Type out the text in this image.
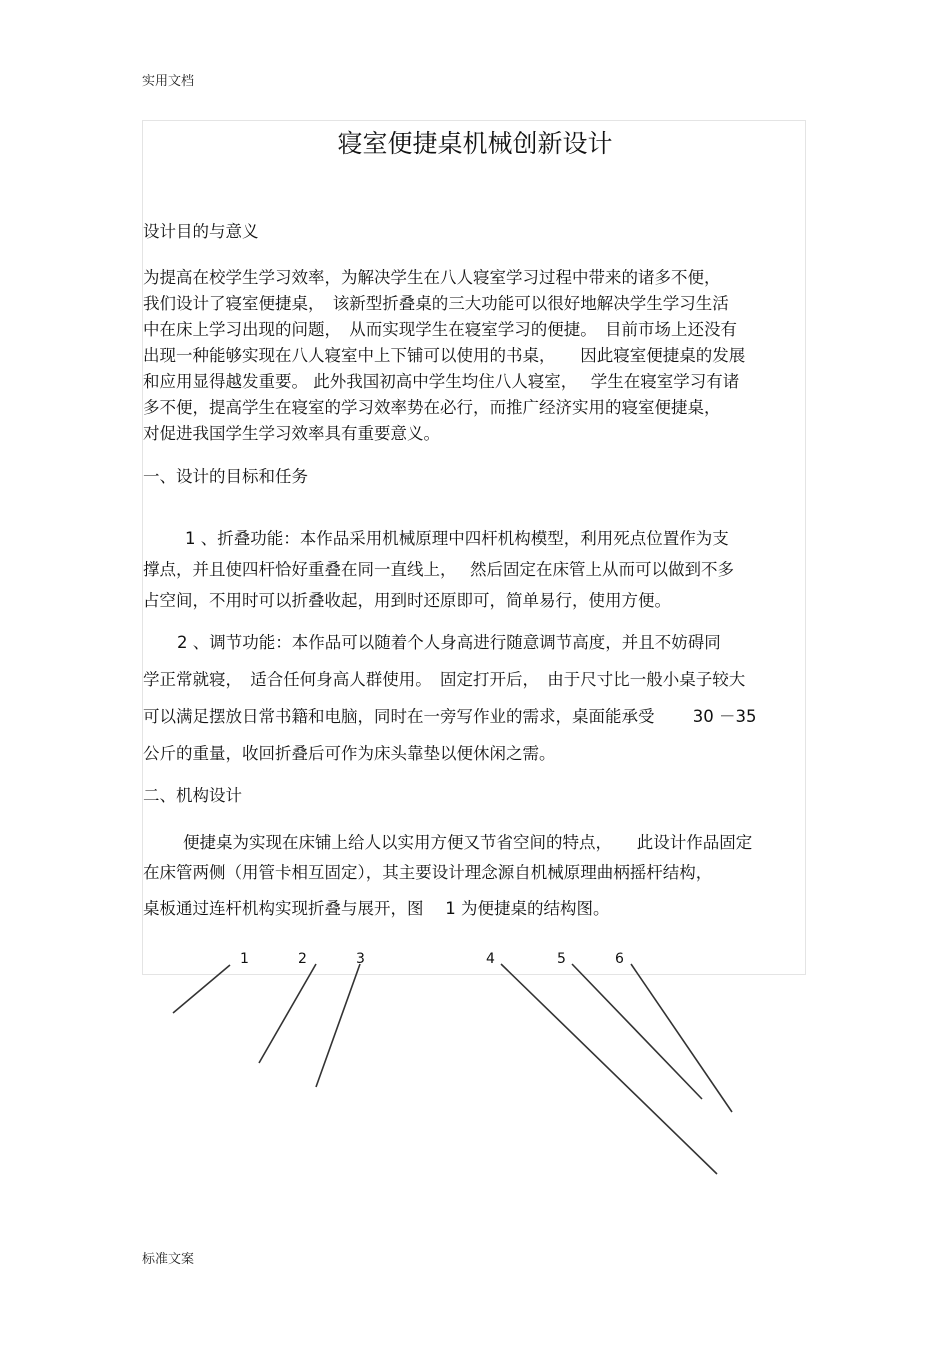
实用文档
寝室便捷桌机械创新设计
设计目的与意义
为提高在校学生学习效率，为解决学生在八人寝室学习过程中带来的诸多不便，
我们设计了寝室便捷桌，　该新型折叠桌的三大功能可以很好地解决学生学习生活
中在床上学习出现的问题，　从而实现学生在寝室学习的便捷。　目前市场上还没有
出现一种能够实现在八人寝室中上下铺可以使用的书桌，　　因此寝室便捷桌的发展
和应用显得越发重要。 此外我国初高中学生均住八人寝室，　 学生在寝室学习有诸
多不便，提高学生在寝室的学习效率势在必行，而推广经济实用的寝室便捷桌，
对促进我国学生学习效率具有重要意义。
一、设计的目标和任务
1 、折叠功能：本作品采用机械原理中四杆机构模型，利用死点位置作为支
撑点，并且使四杆恰好重叠在同一直线上，　 然后固定在床管上从而可以做到不多
占空间，不用时可以折叠收起，用到时还原即可，简单易行，使用方便。
2 、调节功能：本作品可以随着个人身高进行随意调节高度，并且不妨碍同
学正常就寝，　适合任何身高人群使用。　固定打开后，　由于尺寸比一般小桌子较大
可以满足摆放日常书籍和电脑，同时在一旁写作业的需求，桌面能承受　　 30 －35
公斤的重量，收回折叠后可作为床头靠垫以便休闲之需。
二、机构设计
便捷桌为实现在床铺上给人以实用方便又节省空间的特点，　　此设计作品固定
在床管两侧（用管卡相互固定），其主要设计理念源自机械原理曲柄摇杆结构，
桌板通过连杆机构实现折叠与展开，图　 1 为便捷桌的结构图。
1	2	3	4	5	6
标准文案
